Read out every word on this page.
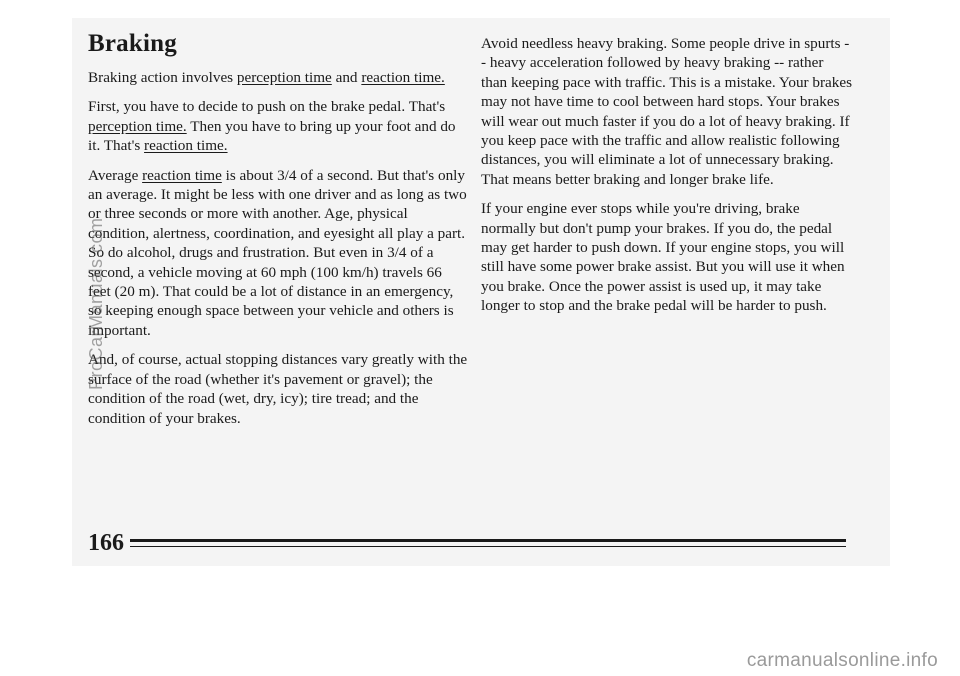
Braking

Braking action involves perception time and reaction time.

First, you have to decide to push on the brake pedal. That's perception time. Then you have to bring up your foot and do it. That's reaction time.

Average reaction time is about 3/4 of a second. But that's only an average. It might be less with one driver and as long as two or three seconds or more with another. Age, physical condition, alertness, coordination, and eyesight all play a part. So do alcohol, drugs and frustration. But even in 3/4 of a second, a vehicle moving at 60 mph (100 km/h) travels 66 feet (20 m). That could be a lot of distance in an emergency, so keeping enough space between your vehicle and others is important.

And, of course, actual stopping distances vary greatly with the surface of the road (whether it's pavement or gravel); the condition of the road (wet, dry, icy); tire tread; and the condition of your brakes.

Avoid needless heavy braking. Some people drive in spurts -- heavy acceleration followed by heavy braking -- rather than keeping pace with traffic. This is a mistake. Your brakes may not have time to cool between hard stops. Your brakes will wear out much faster if you do a lot of heavy braking. If you keep pace with the traffic and allow realistic following distances, you will eliminate a lot of unnecessary braking. That means better braking and longer brake life.

If your engine ever stops while you're driving, brake normally but don't pump your brakes. If you do, the pedal may get harder to push down. If your engine stops, you will still have some power brake assist. But you will use it when you brake. Once the power assist is used up, it may take longer to stop and the brake pedal will be harder to push.

166
ProCarManuals.com
carmanualsonline.info
